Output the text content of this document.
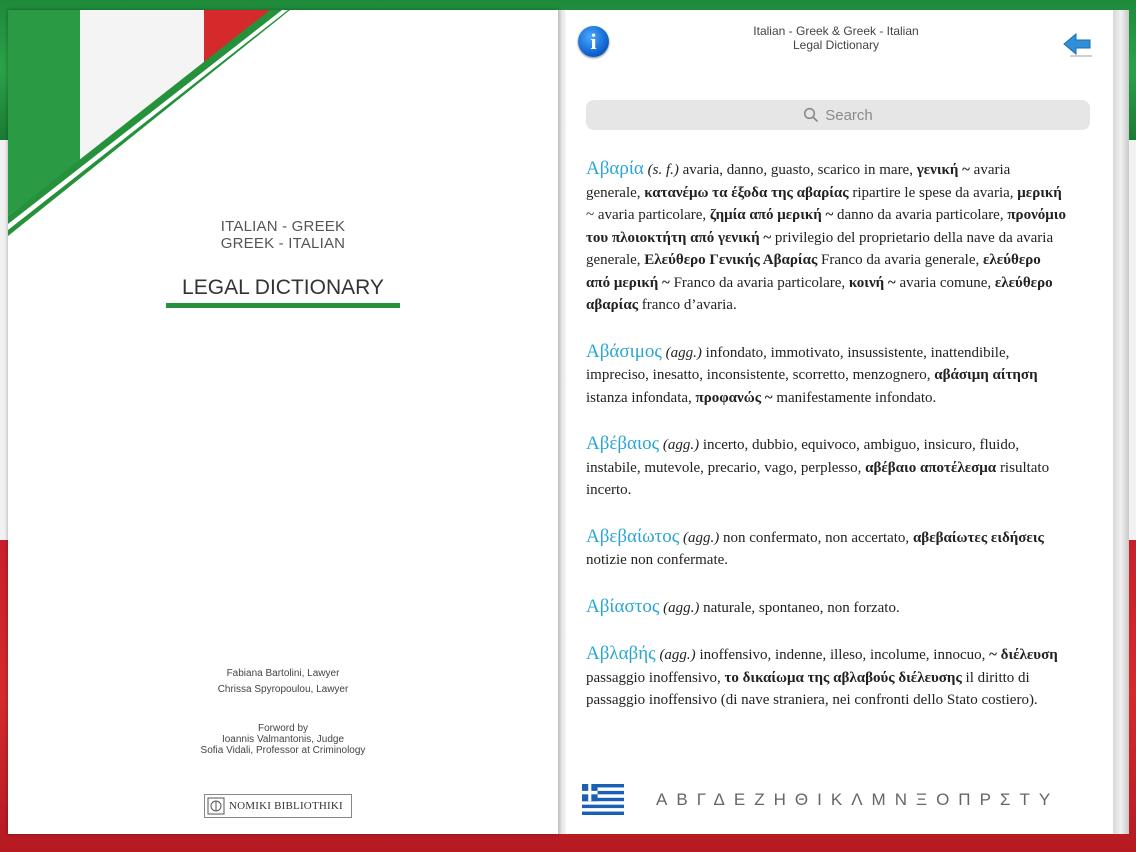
ITALIAN - GREEK
GREEK - ITALIAN
LEGAL DICTIONARY
Fabiana Bartolini, Lawyer
Chrissa Spyropoulou, Lawyer
Forword by
Ioannis Valmantonis, Judge
Sofia Vidali, Professor at Criminology
NOMIKI BIBLIOTHIKI
i	Italian - Greek & Greek - Italian
Legal Dictionary
Search
Αβαρία (s. f.) avaria, danno, guasto, scarico in mare, γενική ~ avaria generale, κατανέμω τα έξοδα της αβαρίας ripartire le spese da avaria, μερική ~ avaria particolare, ζημία από μερική ~ danno da avaria particolare, προνόμιο του πλοιοκτήτη από γενική ~ privilegio del proprietario della nave da avaria generale, Ελεύθερο Γενικής Αβαρίας Franco da avaria generale, ελεύθερο από μερική ~ Franco da avaria particolare, κοινή ~ avaria comune, ελεύθερο αβαρίας franco d’avaria.
Αβάσιμος (agg.) infondato, immotivato, insussistente, inattendibile, impreciso, inesatto, inconsistente, scorretto, menzognero, αβάσιμη αίτηση istanza infondata, προφανώς ~ manifestamente infondato.
Αβέβαιος (agg.) incerto, dubbio, equivoco, ambiguo, insicuro, fluido, instabile, mutevole, precario, vago, perplesso, αβέβαιο αποτέλεσμα risultato incerto.
Αβεβαίωτος (agg.) non confermato, non accertato, αβεβαίωτες ειδήσεις notizie non confermate.
Αβίαστος (agg.) naturale, spontaneo, non forzato.
Αβλαβής (agg.) inoffensivo, indenne, illeso, incolume, innocuo, ~ διέλευση passaggio inoffensivo, το δικαίωμα της αβλαβούς διέλευσης il diritto di passaggio inoffensivo (di nave straniera, nei confronti dello Stato costiero).
ΑΒΓΔΕΖΗΘΙΚΛΜΝΞΟΠΡΣΤΥ
